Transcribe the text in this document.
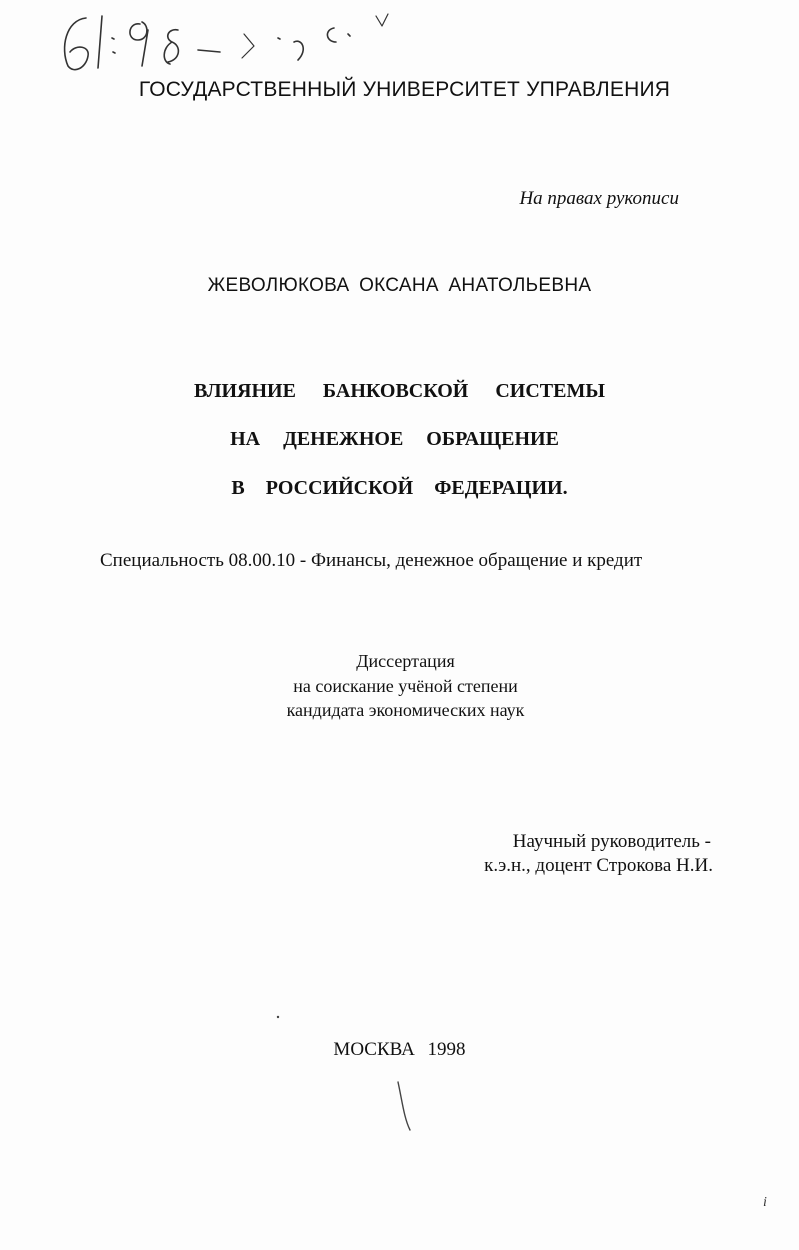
ГОСУДАРСТВЕННЫЙ УНИВЕРСИТЕТ УПРАВЛЕНИЯ
На правах рукописи
ЖЕВОЛЮКОВА ОКСАНА АНАТОЛЬЕВНА
ВЛИЯНИЕ БАНКОВСКОЙ СИСТЕМЫ
НА ДЕНЕЖНОЕ ОБРАЩЕНИЕ
В РОССИЙСКОЙ ФЕДЕРАЦИИ.
Специальность 08.00.10 - Финансы, денежное обращение и кредит
Диссертация
на соискание учёной степени
кандидата экономических наук
Научный руководитель -
к.э.н., доцент Строкова Н.И.
МОСКВА 1998
i
